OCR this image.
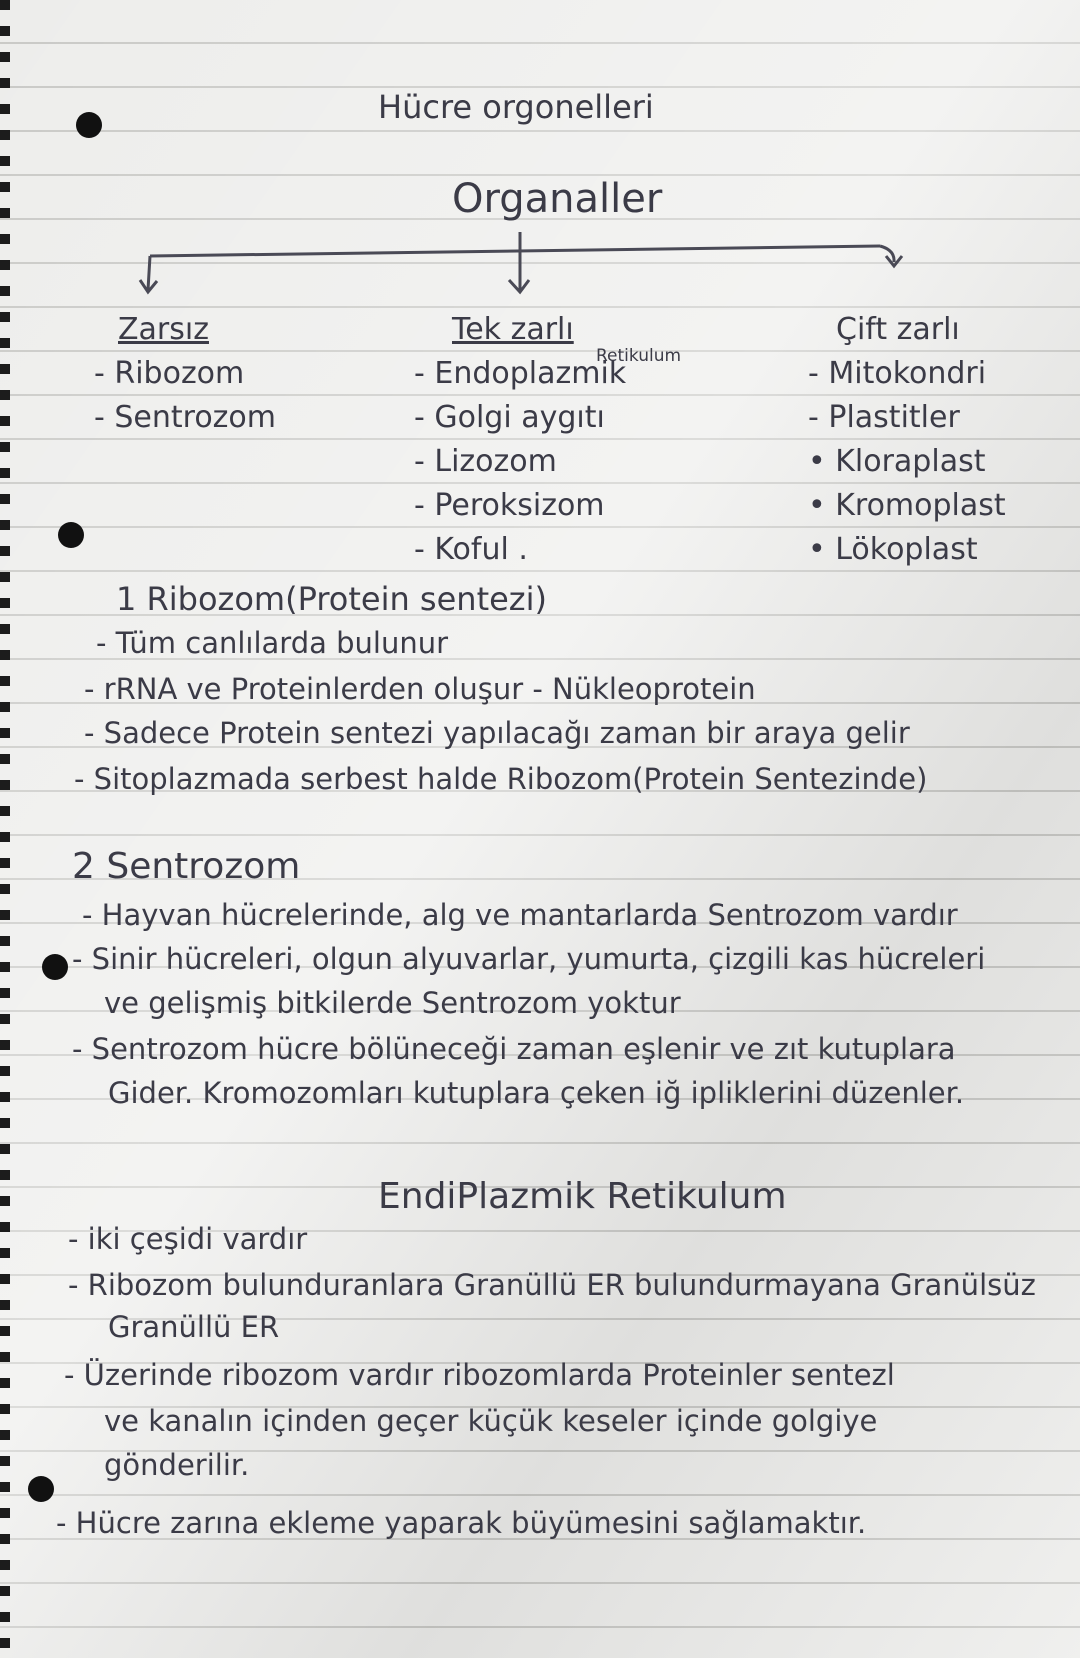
Hücre orgonelleri
Organaller
Zarsız
- Ribozom
- Sentrozom
Tek zarlı
Retikulum
- Endoplazmik
- Golgi aygıtı
- Lizozom
- Peroksizom
- Koful .
Çift zarlı
- Mitokondri
- Plastitler
• Kloraplast
• Kromoplast
• Lökoplast
1 Ribozom(Protein sentezi)
- Tüm canlılarda bulunur
- rRNA ve Proteinlerden oluşur - Nükleoprotein
- Sadece Protein sentezi yapılacağı zaman bir araya gelir
- Sitoplazmada serbest halde Ribozom(Protein Sentezinde)
2 Sentrozom
- Hayvan hücrelerinde, alg ve mantarlarda Sentrozom vardır
- Sinir hücreleri, olgun alyuvarlar, yumurta, çizgili kas hücreleri
ve gelişmiş bitkilerde Sentrozom yoktur
- Sentrozom hücre bölüneceği zaman eşlenir ve zıt kutuplara
Gider. Kromozomları kutuplara çeken iğ ipliklerini düzenler.
EndiPlazmik Retikulum
- iki çeşidi vardır
- Ribozom bulunduranlara Granüllü ER bulundurmayana Granülsüz
Granüllü ER
- Üzerinde ribozom vardır ribozomlarda Proteinler sentezl
ve kanalın içinden geçer küçük keseler içinde golgiye
gönderilir.
- Hücre zarına ekleme yaparak büyümesini sağlamaktır.
